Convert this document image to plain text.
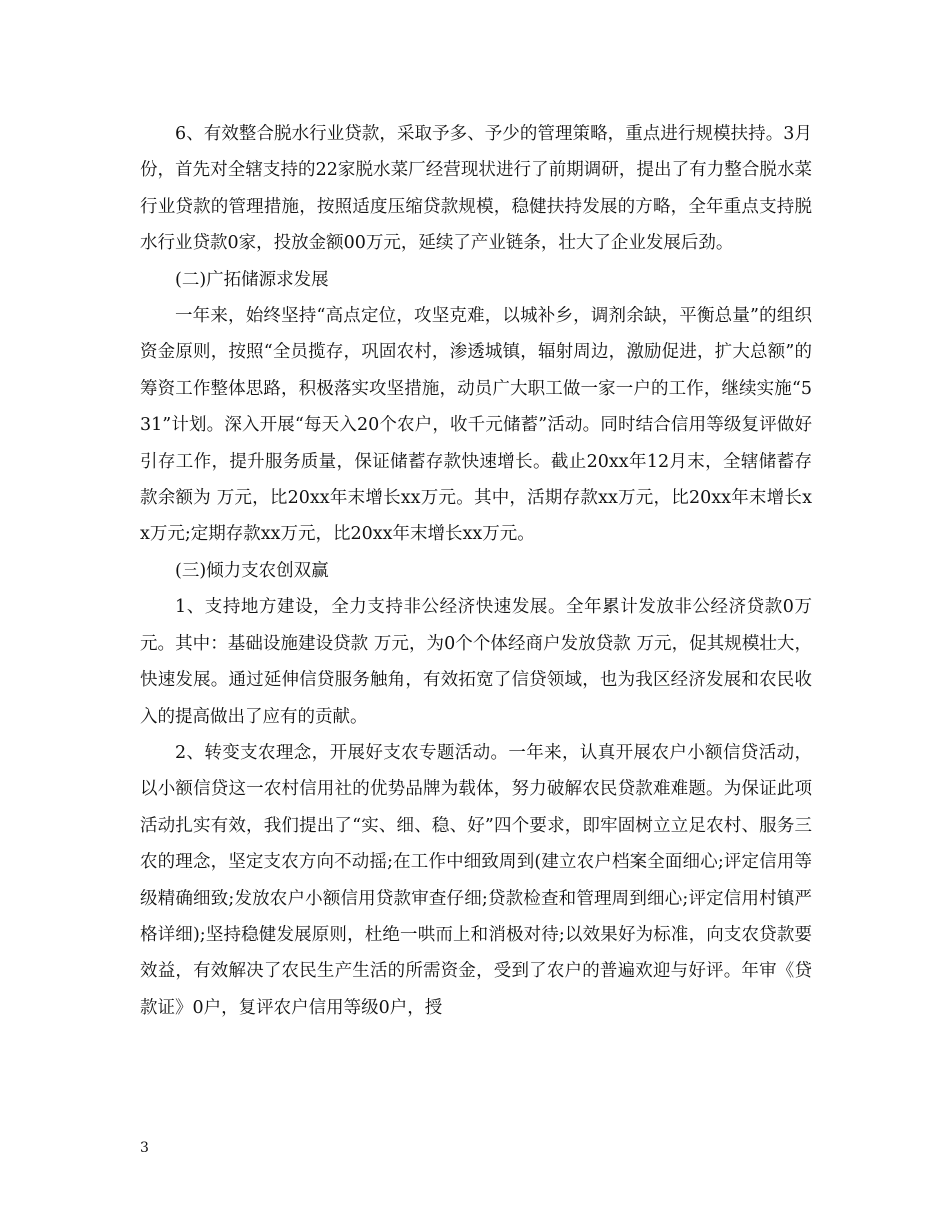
6、有效整合脱水行业贷款，采取予多、予少的管理策略，重点进行规模扶持。3月份，首先对全辖支持的22家脱水菜厂经营现状进行了前期调研，提出了有力整合脱水菜行业贷款的管理措施，按照适度压缩贷款规模，稳健扶持发展的方略，全年重点支持脱水行业贷款0家，投放金额00万元，延续了产业链条，壮大了企业发展后劲。

(二)广拓储源求发展

一年来，始终坚持“高点定位，攻坚克难，以城补乡，调剂余缺，平衡总量”的组织资金原则，按照“全员揽存，巩固农村，渗透城镇，辐射周边，激励促进，扩大总额”的筹资工作整体思路，积极落实攻坚措施，动员广大职工做一家一户的工作，继续实施“531”计划。深入开展“每天入20个农户，收千元储蓄”活动。同时结合信用等级复评做好引存工作，提升服务质量，保证储蓄存款快速增长。截止20xx年12月末，全辖储蓄存款余额为 万元，比20xx年末增长xx万元。其中，活期存款xx万元，比20xx年末增长xx万元;定期存款xx万元，比20xx年末增长xx万元。

(三)倾力支农创双赢

1、支持地方建设，全力支持非公经济快速发展。全年累计发放非公经济贷款0万元。其中：基础设施建设贷款 万元，为0个个体经商户发放贷款 万元，促其规模壮大，快速发展。通过延伸信贷服务触角，有效拓宽了信贷领域，也为我区经济发展和农民收入的提高做出了应有的贡献。

2、转变支农理念，开展好支农专题活动。一年来，认真开展农户小额信贷活动，以小额信贷这一农村信用社的优势品牌为载体，努力破解农民贷款难难题。为保证此项活动扎实有效，我们提出了“实、细、稳、好”四个要求，即牢固树立立足农村、服务三农的理念，坚定支农方向不动摇;在工作中细致周到(建立农户档案全面细心;评定信用等级精确细致;发放农户小额信用贷款审查仔细;贷款检查和管理周到细心;评定信用村镇严格详细);坚持稳健发展原则，杜绝一哄而上和消极对待;以效果好为标准，向支农贷款要效益，有效解决了农民生产生活的所需资金，受到了农户的普遍欢迎与好评。年审《贷款证》0户，复评农户信用等级0户，授

3
